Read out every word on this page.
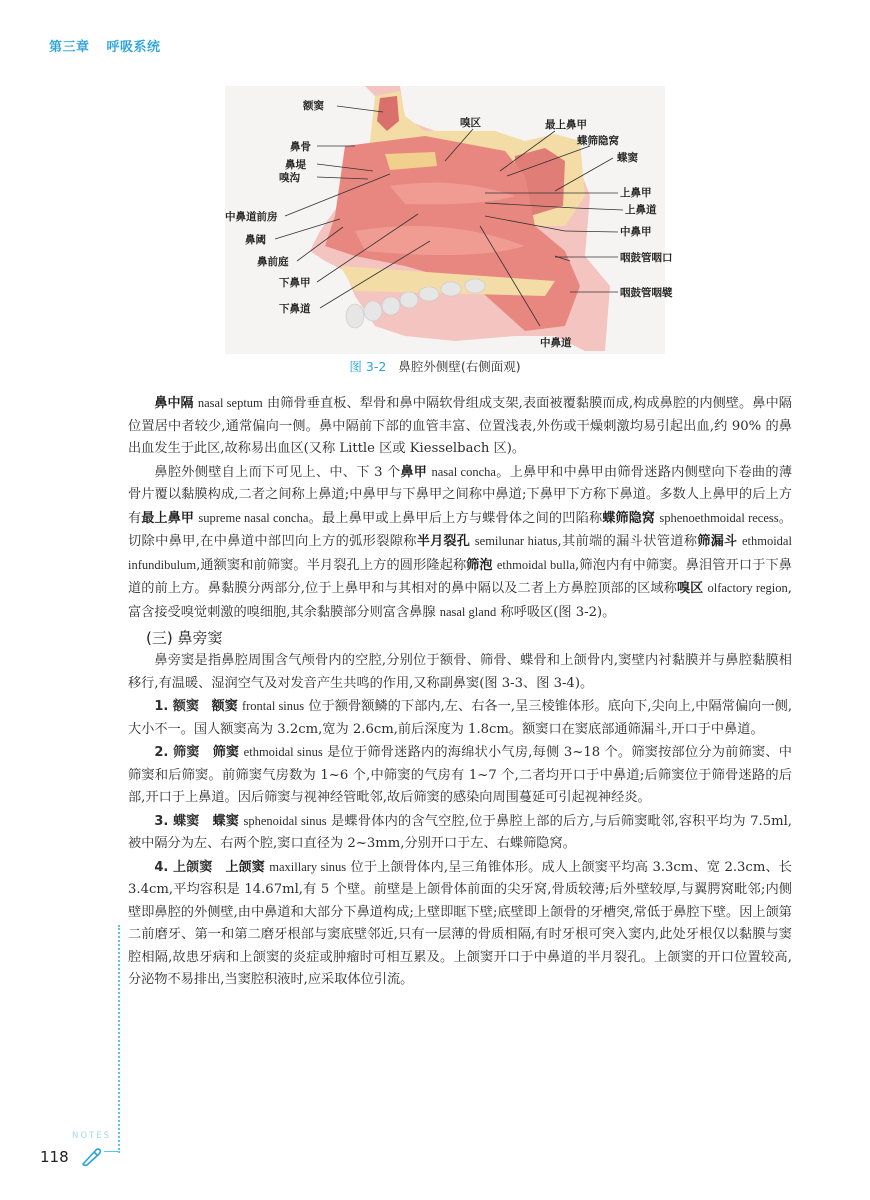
第三章 呼吸系统
额窦
鼻骨
鼻堤
嗅沟
中鼻道前房
鼻阈
鼻前庭
下鼻甲
下鼻道
嗅区	最上鼻甲
蝶筛隐窝
蝶窦
上鼻甲
上鼻道
中鼻甲
咽鼓管咽口
咽鼓管咽襞
中鼻道
图 3-2 鼻腔外侧壁(右侧面观)

鼻中隔 nasal septum 由筛骨垂直板、犁骨和鼻中隔软骨组成支架,表面被覆黏膜而成,构成鼻腔的内侧壁。鼻中隔位置居中者较少,通常偏向一侧。鼻中隔前下部的血管丰富、位置浅表,外伤或干燥刺激均易引起出血,约 90% 的鼻出血发生于此区,故称易出血区(又称 Little 区或 Kiesselbach 区)。

鼻腔外侧壁自上而下可见上、中、下 3 个鼻甲 nasal concha。上鼻甲和中鼻甲由筛骨迷路内侧壁向下卷曲的薄骨片覆以黏膜构成,二者之间称上鼻道;中鼻甲与下鼻甲之间称中鼻道;下鼻甲下方称下鼻道。多数人上鼻甲的后上方有最上鼻甲 supreme nasal concha。最上鼻甲或上鼻甲后上方与蝶骨体之间的凹陷称蝶筛隐窝 sphenoethmoidal recess。切除中鼻甲,在中鼻道中部凹向上方的弧形裂隙称半月裂孔 semilunar hiatus,其前端的漏斗状管道称筛漏斗 ethmoidal infundibulum,通额窦和前筛窦。半月裂孔上方的圆形隆起称筛泡 ethmoidal bulla,筛泡内有中筛窦。鼻泪管开口于下鼻道的前上方。鼻黏膜分两部分,位于上鼻甲和与其相对的鼻中隔以及二者上方鼻腔顶部的区域称嗅区 olfactory region,富含接受嗅觉刺激的嗅细胞,其余黏膜部分则富含鼻腺 nasal gland 称呼吸区(图 3-2)。

(三) 鼻旁窦

鼻旁窦是指鼻腔周围含气颅骨内的空腔,分别位于额骨、筛骨、蝶骨和上颌骨内,窦壁内衬黏膜并与鼻腔黏膜相移行,有温暖、湿润空气及对发音产生共鸣的作用,又称副鼻窦(图 3-3、图 3-4)。

1. 额窦 额窦 frontal sinus 位于额骨额鳞的下部内,左、右各一,呈三棱锥体形。底向下,尖向上,中隔常偏向一侧,大小不一。国人额窦高为 3.2cm,宽为 2.6cm,前后深度为 1.8cm。额窦口在窦底部通筛漏斗,开口于中鼻道。

2. 筛窦 筛窦 ethmoidal sinus 是位于筛骨迷路内的海绵状小气房,每侧 3~18 个。筛窦按部位分为前筛窦、中筛窦和后筛窦。前筛窦气房数为 1~6 个,中筛窦的气房有 1~7 个,二者均开口于中鼻道;后筛窦位于筛骨迷路的后部,开口于上鼻道。因后筛窦与视神经管毗邻,故后筛窦的感染向周围蔓延可引起视神经炎。

3. 蝶窦 蝶窦 sphenoidal sinus 是蝶骨体内的含气空腔,位于鼻腔上部的后方,与后筛窦毗邻,容积平均为 7.5ml,被中隔分为左、右两个腔,窦口直径为 2~3mm,分别开口于左、右蝶筛隐窝。

4. 上颌窦 上颌窦 maxillary sinus 位于上颌骨体内,呈三角锥体形。成人上颌窦平均高 3.3cm、宽 2.3cm、长 3.4cm,平均容积是 14.67ml,有 5 个壁。前壁是上颌骨体前面的尖牙窝,骨质较薄;后外壁较厚,与翼腭窝毗邻;内侧壁即鼻腔的外侧壁,由中鼻道和大部分下鼻道构成;上壁即眶下壁;底壁即上颌骨的牙槽突,常低于鼻腔下壁。因上颌第二前磨牙、第一和第二磨牙根部与窦底壁邻近,只有一层薄的骨质相隔,有时牙根可突入窦内,此处牙根仅以黏膜与窦腔相隔,故患牙病和上颌窦的炎症或肿瘤时可相互累及。上颌窦开口于中鼻道的半月裂孔。上颌窦的开口位置较高,分泌物不易排出,当窦腔积液时,应采取体位引流。

NOTES
118
